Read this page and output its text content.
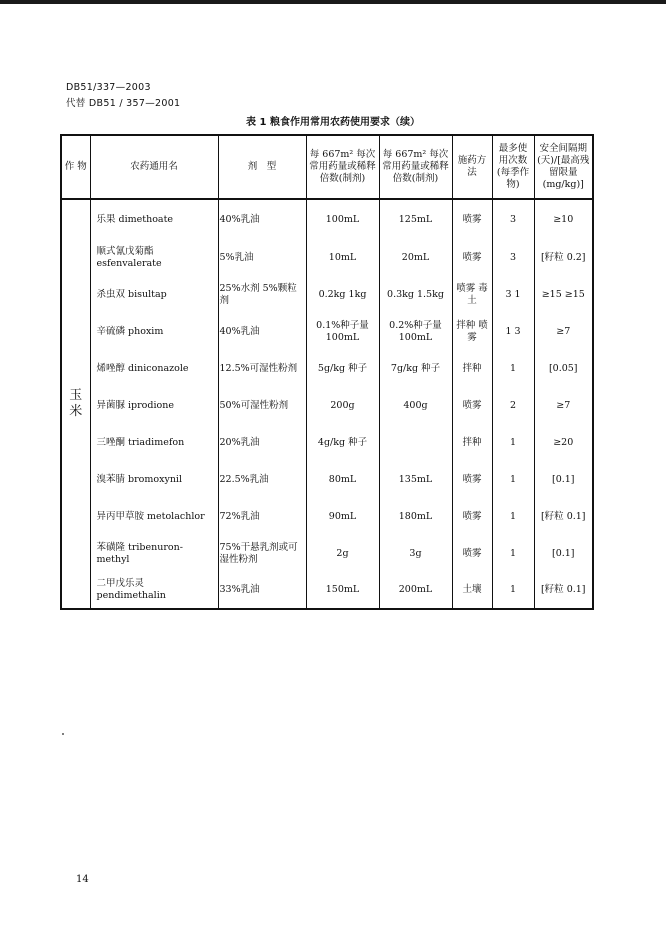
DB51/337—2003
代替 DB51 / 357—2001
表 1 粮食作用常用农药使用要求（续）
作 物	农药通用名	剂　型	每 667m² 每次常用药量或稀释倍数(制剂)	每 667m² 每次常用药量或稀释倍数(制剂)	施药方法	最多使用次数(每季作物)	安全间隔期(天)/[最高残留限量(mg/kg)]
玉　米	乐果 dimethoate	40%乳油	100mL	125mL	喷雾	3	≥10
	顺式氰戊菊酯 esfenvalerate	5%乳油	10mL	20mL	喷雾	3	[籽粒 0.2]
	杀虫双 bisultap	25%水剂 5%颗粒剂	0.2kg 1kg	0.3kg 1.5kg	喷雾 毒土	3 1	≥15 ≥15
	辛硫磷 phoxim	40%乳油	0.1%种子量 100mL	0.2%种子量 100mL	拌种 喷雾	1 3	≥7
	烯唑醇 diniconazole	12.5%可湿性粉剂	5g/kg 种子	7g/kg 种子	拌种	1	[0.05]
	异菌脲 iprodione	50%可湿性粉剂	200g	400g	喷雾	2	≥7
	三唑酮 triadimefon	20%乳油	4g/kg 种子		拌种	1	≥20
	溴苯腈 bromoxynil	22.5%乳油	80mL	135mL	喷雾	1	[0.1]
	异丙甲草胺 metolachlor	72%乳油	90mL	180mL	喷雾	1	[籽粒 0.1]
	苯磺隆 tribenuron-methyl	75%干悬乳剂或可湿性粉剂	2g	3g	喷雾	1	[0.1]
	二甲戊乐灵 pendimethalin	33%乳油	150mL	200mL	土壤	1	[籽粒 0.1]
14
